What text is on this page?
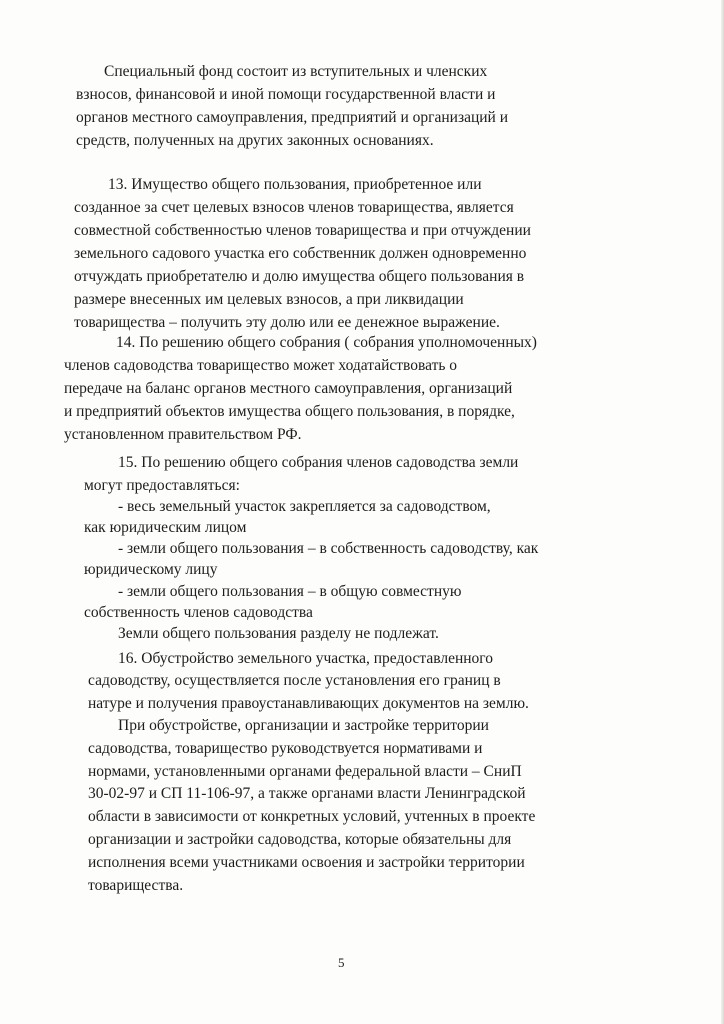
Специальный фонд состоит из вступительных и членских
взносов, финансовой и иной помощи государственной власти и
органов местного самоуправления, предприятий и организаций и
средств, полученных на других законных основаниях.
13. Имущество общего пользования, приобретенное или
созданное за счет целевых взносов членов товарищества, является
совместной собственностью членов товарищества и при отчуждении
земельного садового участка его собственник должен одновременно
отчуждать приобретателю и долю имущества общего пользования в
размере внесенных им целевых взносов, а при ликвидации
товарищества – получить эту долю или ее денежное выражение.
14. По решению общего собрания ( собрания уполномоченных)
членов садоводства товарищество может ходатайствовать о
передаче на баланс органов местного самоуправления, организаций
и предприятий объектов имущества общего пользования, в порядке,
установленном правительством РФ.
15. По решению общего собрания членов садоводства земли
могут предоставляться:
- весь земельный участок закрепляется за садоводством,
как юридическим лицом
- земли общего пользования – в собственность садоводству, как
юридическому лицу
- земли общего пользования – в общую совместную
собственность членов садоводства
Земли общего пользования разделу не подлежат.
16. Обустройство земельного участка, предоставленного
садоводству, осуществляется после установления его границ в
натуре и получения правоустанавливающих документов на землю.
При обустройстве, организации и застройке территории
садоводства, товарищество руководствуется нормативами и
нормами, установленными органами федеральной власти – СниП
30-02-97 и СП 11-106-97, а также органами власти Ленинградской
области в зависимости от конкретных условий, учтенных в проекте
организации и застройки садоводства, которые обязательны для
исполнения всеми участниками освоения и застройки территории
товарищества.
5
